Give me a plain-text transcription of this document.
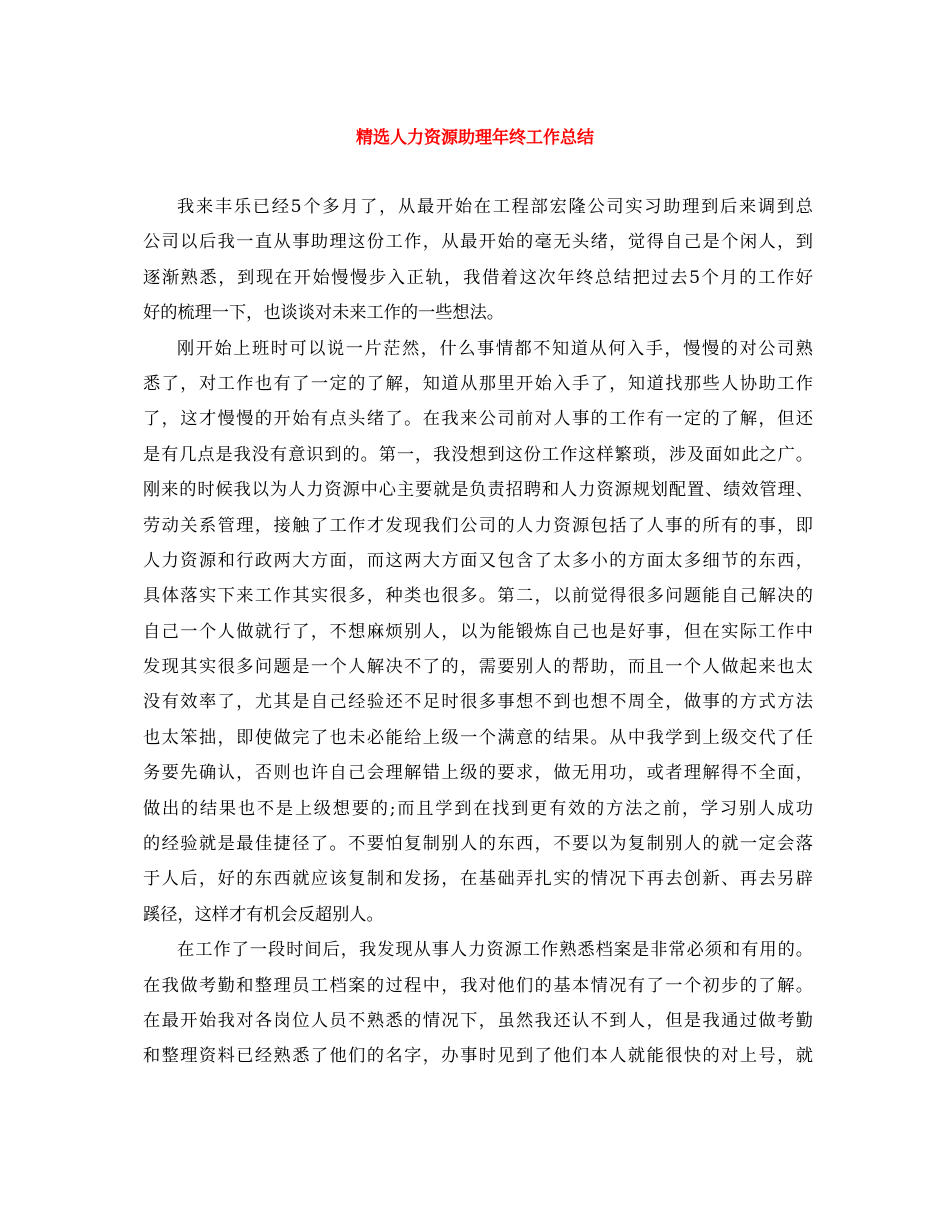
精选人力资源助理年终工作总结
我来丰乐已经5个多月了，从最开始在工程部宏隆公司实习助理到后来调到总
公司以后我一直从事助理这份工作，从最开始的毫无头绪，觉得自己是个闲人，到
逐渐熟悉，到现在开始慢慢步入正轨，我借着这次年终总结把过去5个月的工作好
好的梳理一下，也谈谈对未来工作的一些想法。
刚开始上班时可以说一片茫然，什么事情都不知道从何入手，慢慢的对公司熟
悉了，对工作也有了一定的了解，知道从那里开始入手了，知道找那些人协助工作
了，这才慢慢的开始有点头绪了。在我来公司前对人事的工作有一定的了解，但还
是有几点是我没有意识到的。第一，我没想到这份工作这样繁琐，涉及面如此之广。
刚来的时候我以为人力资源中心主要就是负责招聘和人力资源规划配置、绩效管理、
劳动关系管理，接触了工作才发现我们公司的人力资源包括了人事的所有的事，即
人力资源和行政两大方面，而这两大方面又包含了太多小的方面太多细节的东西，
具体落实下来工作其实很多，种类也很多。第二，以前觉得很多问题能自己解决的
自己一个人做就行了，不想麻烦别人，以为能锻炼自己也是好事，但在实际工作中
发现其实很多问题是一个人解决不了的，需要别人的帮助，而且一个人做起来也太
没有效率了，尤其是自己经验还不足时很多事想不到也想不周全，做事的方式方法
也太笨拙，即使做完了也未必能给上级一个满意的结果。从中我学到上级交代了任
务要先确认，否则也许自己会理解错上级的要求，做无用功，或者理解得不全面，
做出的结果也不是上级想要的;而且学到在找到更有效的方法之前，学习别人成功
的经验就是最佳捷径了。不要怕复制别人的东西，不要以为复制别人的就一定会落
于人后，好的东西就应该复制和发扬，在基础弄扎实的情况下再去创新、再去另辟
蹊径，这样才有机会反超别人。
在工作了一段时间后，我发现从事人力资源工作熟悉档案是非常必须和有用的。
在我做考勤和整理员工档案的过程中，我对他们的基本情况有了一个初步的了解。
在最开始我对各岗位人员不熟悉的情况下，虽然我还认不到人，但是我通过做考勤
和整理资料已经熟悉了他们的名字，办事时见到了他们本人就能很快的对上号，就
